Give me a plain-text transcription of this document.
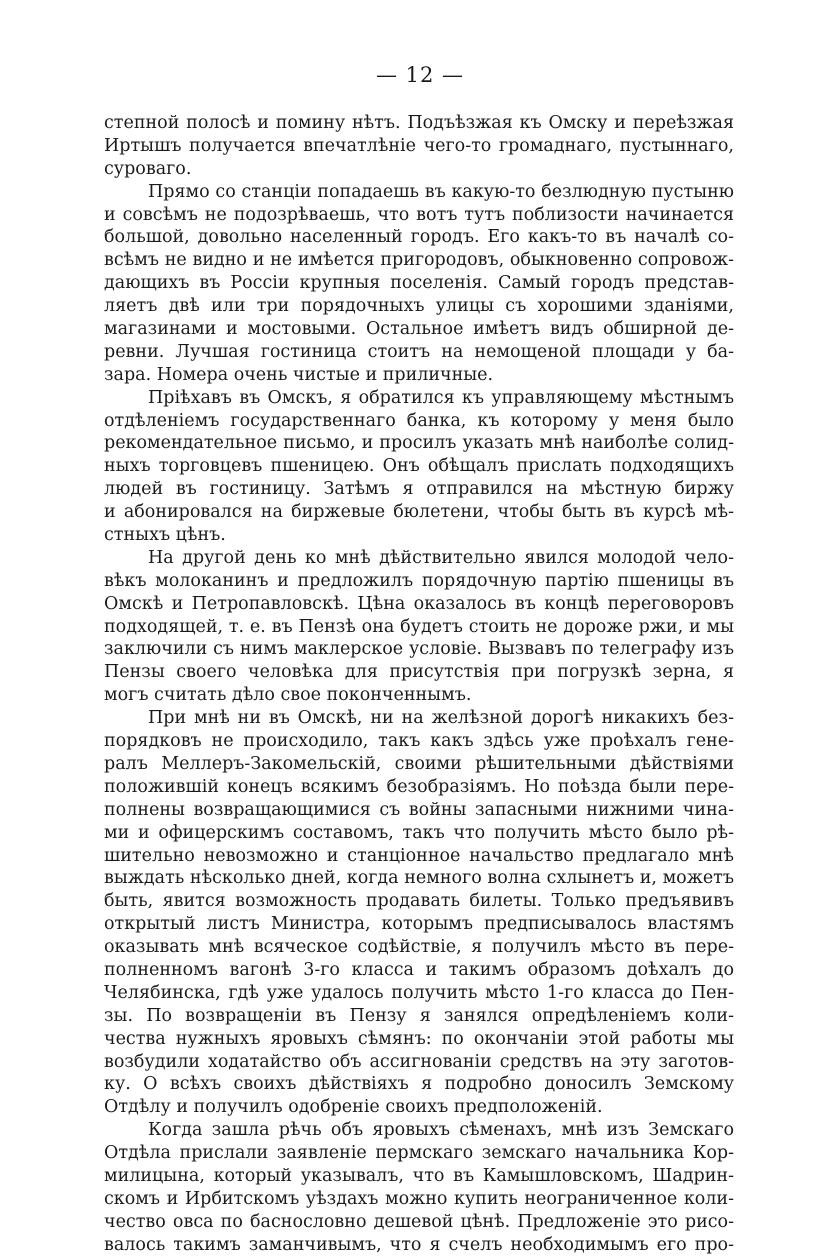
— 12 —
степной полосѣ и помину нѣтъ. Подъѣзжая къ Омску и переѣзжая
Иртышъ получается впечатлѣніе чего-то громаднаго, пустыннаго,
суроваго.
Прямо со станціи попадаешь въ какую-то безлюдную пустыню
и совсѣмъ не подозрѣваешь, что вотъ тутъ поблизости начинается
большой, довольно населенный городъ. Его какъ-то въ началѣ со-
всѣмъ не видно и не имѣется пригородовъ, обыкновенно сопровож-
дающихъ въ Россіи крупныя поселенія. Самый городъ представ-
ляетъ двѣ или три порядочныхъ улицы съ хорошими зданіями,
магазинами и мостовыми. Остальное имѣетъ видъ обширной де-
ревни. Лучшая гостиница стоитъ на немощеной площади у ба-
зара. Номера очень чистые и приличные.
Пріѣхавъ въ Омскъ, я обратился къ управляющему мѣстнымъ
отдѣленіемъ государственнаго банка, къ которому у меня было
рекомендательное письмо, и просилъ указать мнѣ наиболѣе солид-
ныхъ торговцевъ пшеницею. Онъ обѣщалъ прислать подходящихъ
людей въ гостиницу. Затѣмъ я отправился на мѣстную биржу
и абонировался на биржевые бюлетени, чтобы быть въ курсѣ мѣ-
стныхъ цѣнъ.
На другой день ко мнѣ дѣйствительно явился молодой чело-
вѣкъ молоканинъ и предложилъ порядочную партію пшеницы въ
Омскѣ и Петропавловскѣ. Цѣна оказалось въ концѣ переговоровъ
подходящей, т. е. въ Пензѣ она будетъ стоить не дороже ржи, и мы
заключили съ нимъ маклерское условіе. Вызвавъ по телеграфу изъ
Пензы своего человѣка для присутствія при погрузкѣ зерна, я
могъ считать дѣло свое поконченнымъ.
При мнѣ ни въ Омскѣ, ни на желѣзной дорогѣ никакихъ без-
порядковъ не происходило, такъ какъ здѣсь уже проѣхалъ гене-
ралъ Меллеръ-Закомельскій, своими рѣшительными дѣйствіями
положившій конецъ всякимъ безобразіямъ. Но поѣзда были пере-
полнены возвращающимися съ войны запасными нижними чина-
ми и офицерскимъ составомъ, такъ что получить мѣсто было рѣ-
шительно невозможно и станціонное начальство предлагало мнѣ
выждать нѣсколько дней, когда немного волна схлынетъ и, можетъ
быть, явится возможность продавать билеты. Только предъявивъ
открытый листъ Министра, которымъ предписывалось властямъ
оказывать мнѣ всяческое содѣйствіе, я получилъ мѣсто въ пере-
полненномъ вагонѣ 3-го класса и такимъ образомъ доѣхалъ до
Челябинска, гдѣ уже удалось получить мѣсто 1-го класса до Пен-
зы. По возвращеніи въ Пензу я занялся опредѣленіемъ коли-
чества нужныхъ яровыхъ сѣмянъ: по окончаніи этой работы мы
возбудили ходатайство объ ассигнованіи средствъ на эту заготов-
ку. О всѣхъ своихъ дѣйствіяхъ я подробно доносилъ Земскому
Отдѣлу и получилъ одобреніе своихъ предположеній.
Когда зашла рѣчь объ яровыхъ сѣменахъ, мнѣ изъ Земскаго
Отдѣла прислали заявленіе пермскаго земскаго начальника Кор-
милицына, который указывалъ, что въ Камышловскомъ, Шадрин-
скомъ и Ирбитскомъ уѣздахъ можно купить неограниченное коли-
чество овса по баснословно дешевой цѣнѣ. Предложеніе это рисо-
валось такимъ заманчивымъ, что я счелъ необходимымъ его про-
